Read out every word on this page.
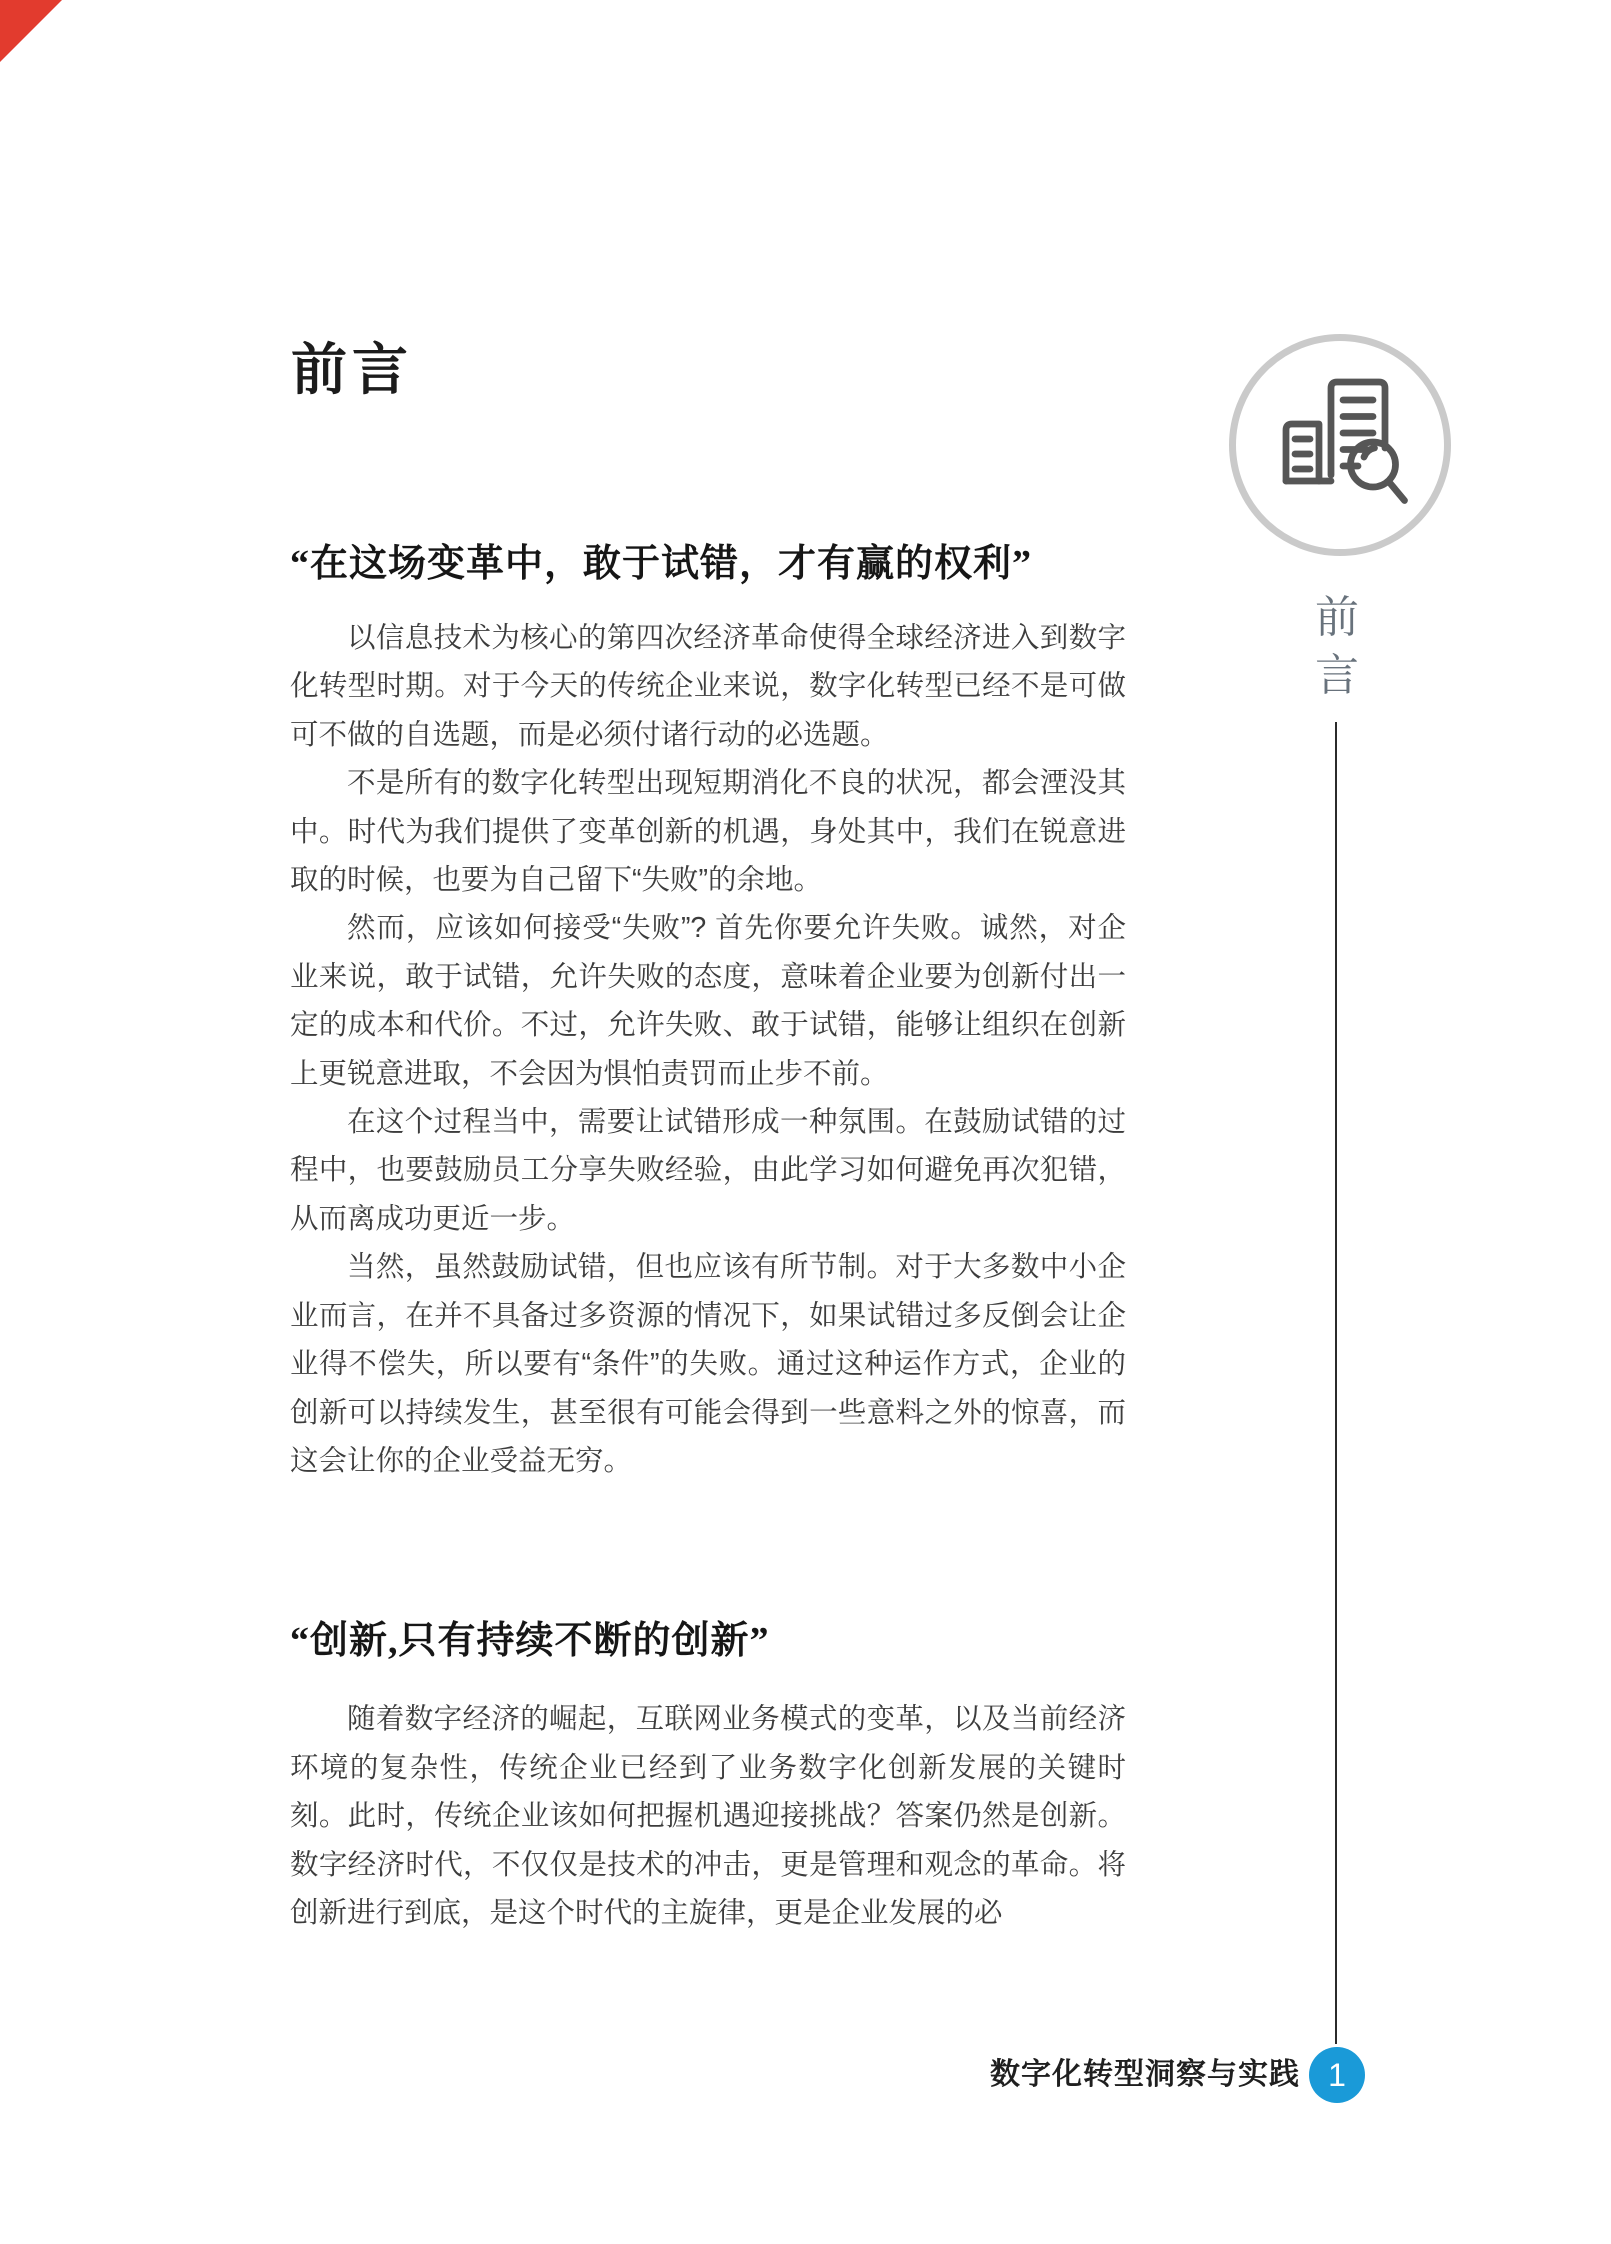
前言
前
言
“在这场变革中，敢于试错，才有赢的权利”

以信息技术为核心的第四次经济革命使得全球经济进入到数字化转型时期。对于今天的传统企业来说，数字化转型已经不是可做可不做的自选题，而是必须付诸行动的必选题。

不是所有的数字化转型出现短期消化不良的状况，都会湮没其中。时代为我们提供了变革创新的机遇，身处其中，我们在锐意进取的时候，也要为自己留下“失败”的余地。

然而，应该如何接受“失败”? 首先你要允许失败。诚然，对企业来说，敢于试错，允许失败的态度，意味着企业要为创新付出一定的成本和代价。不过，允许失败、敢于试错，能够让组织在创新上更锐意进取，不会因为惧怕责罚而止步不前。

在这个过程当中，需要让试错形成一种氛围。在鼓励试错的过程中，也要鼓励员工分享失败经验，由此学习如何避免再次犯错，从而离成功更近一步。

当然，虽然鼓励试错，但也应该有所节制。对于大多数中小企业而言，在并不具备过多资源的情况下，如果试错过多反倒会让企业得不偿失，所以要有“条件”的失败。通过这种运作方式，企业的创新可以持续发生，甚至很有可能会得到一些意料之外的惊喜，而这会让你的企业受益无穷。

“创新,只有持续不断的创新”

随着数字经济的崛起，互联网业务模式的变革，以及当前经济环境的复杂性，传统企业已经到了业务数字化创新发展的关键时刻。此时，传统企业该如何把握机遇迎接挑战？答案仍然是创新。数字经济时代，不仅仅是技术的冲击，更是管理和观念的革命。将创新进行到底，是这个时代的主旋律，更是企业发展的必

数字化转型洞察与实践 1
